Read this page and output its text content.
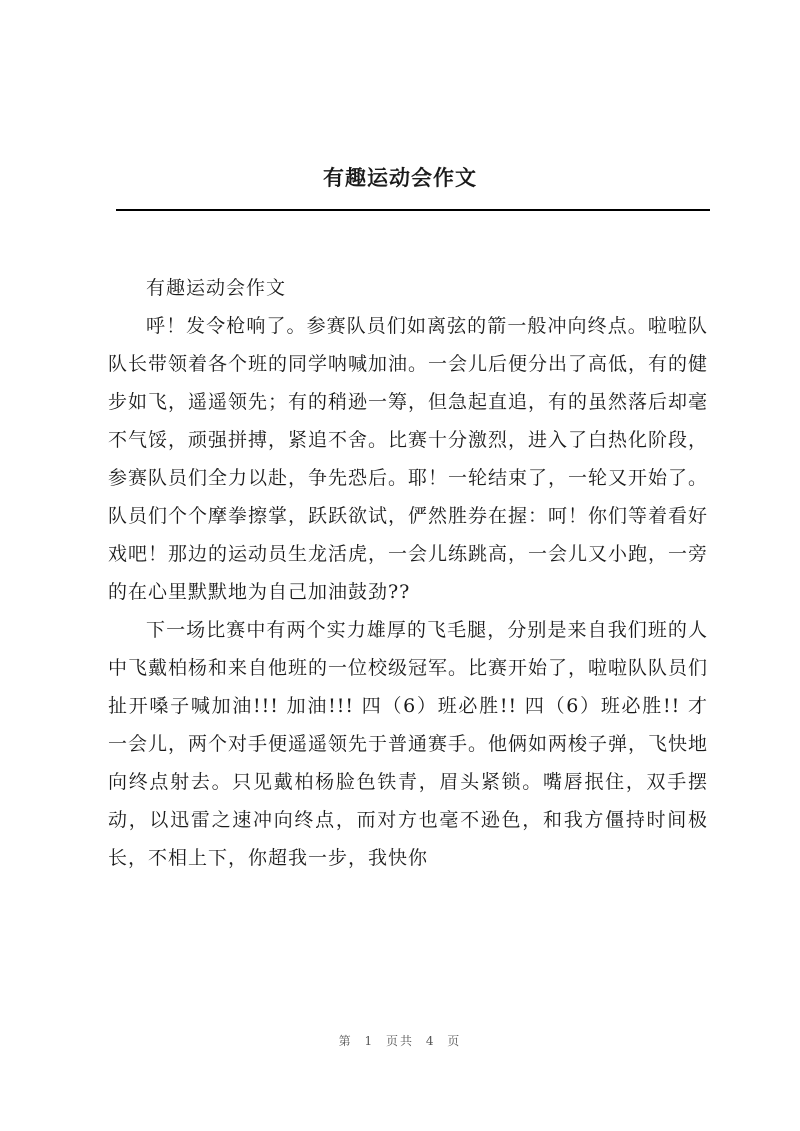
有趣运动会作文

有趣运动会作文

呼！发令枪响了。参赛队员们如离弦的箭一般冲向终点。啦啦队队长带领着各个班的同学呐喊加油。一会儿后便分出了高低，有的健步如飞，遥遥领先；有的稍逊一筹，但急起直追，有的虽然落后却毫不气馁，顽强拼搏，紧追不舍。比赛十分激烈，进入了白热化阶段，参赛队员们全力以赴，争先恐后。耶！一轮结束了，一轮又开始了。队员们个个摩拳擦掌，跃跃欲试，俨然胜券在握：呵！你们等着看好戏吧！那边的运动员生龙活虎，一会儿练跳高，一会儿又小跑，一旁的在心里默默地为自己加油鼓劲??

下一场比赛中有两个实力雄厚的飞毛腿，分别是来自我们班的人中飞戴柏杨和来自他班的一位校级冠军。比赛开始了，啦啦队队员们扯开嗓子喊加油!!! 加油!!! 四（6）班必胜!! 四（6）班必胜!! 才一会儿，两个对手便遥遥领先于普通赛手。他俩如两梭子弹，飞快地向终点射去。只见戴柏杨脸色铁青，眉头紧锁。嘴唇抿住，双手摆动，以迅雷之速冲向终点，而对方也毫不逊色，和我方僵持时间极长，不相上下，你超我一步，我快你

第 1 页共 4 页
